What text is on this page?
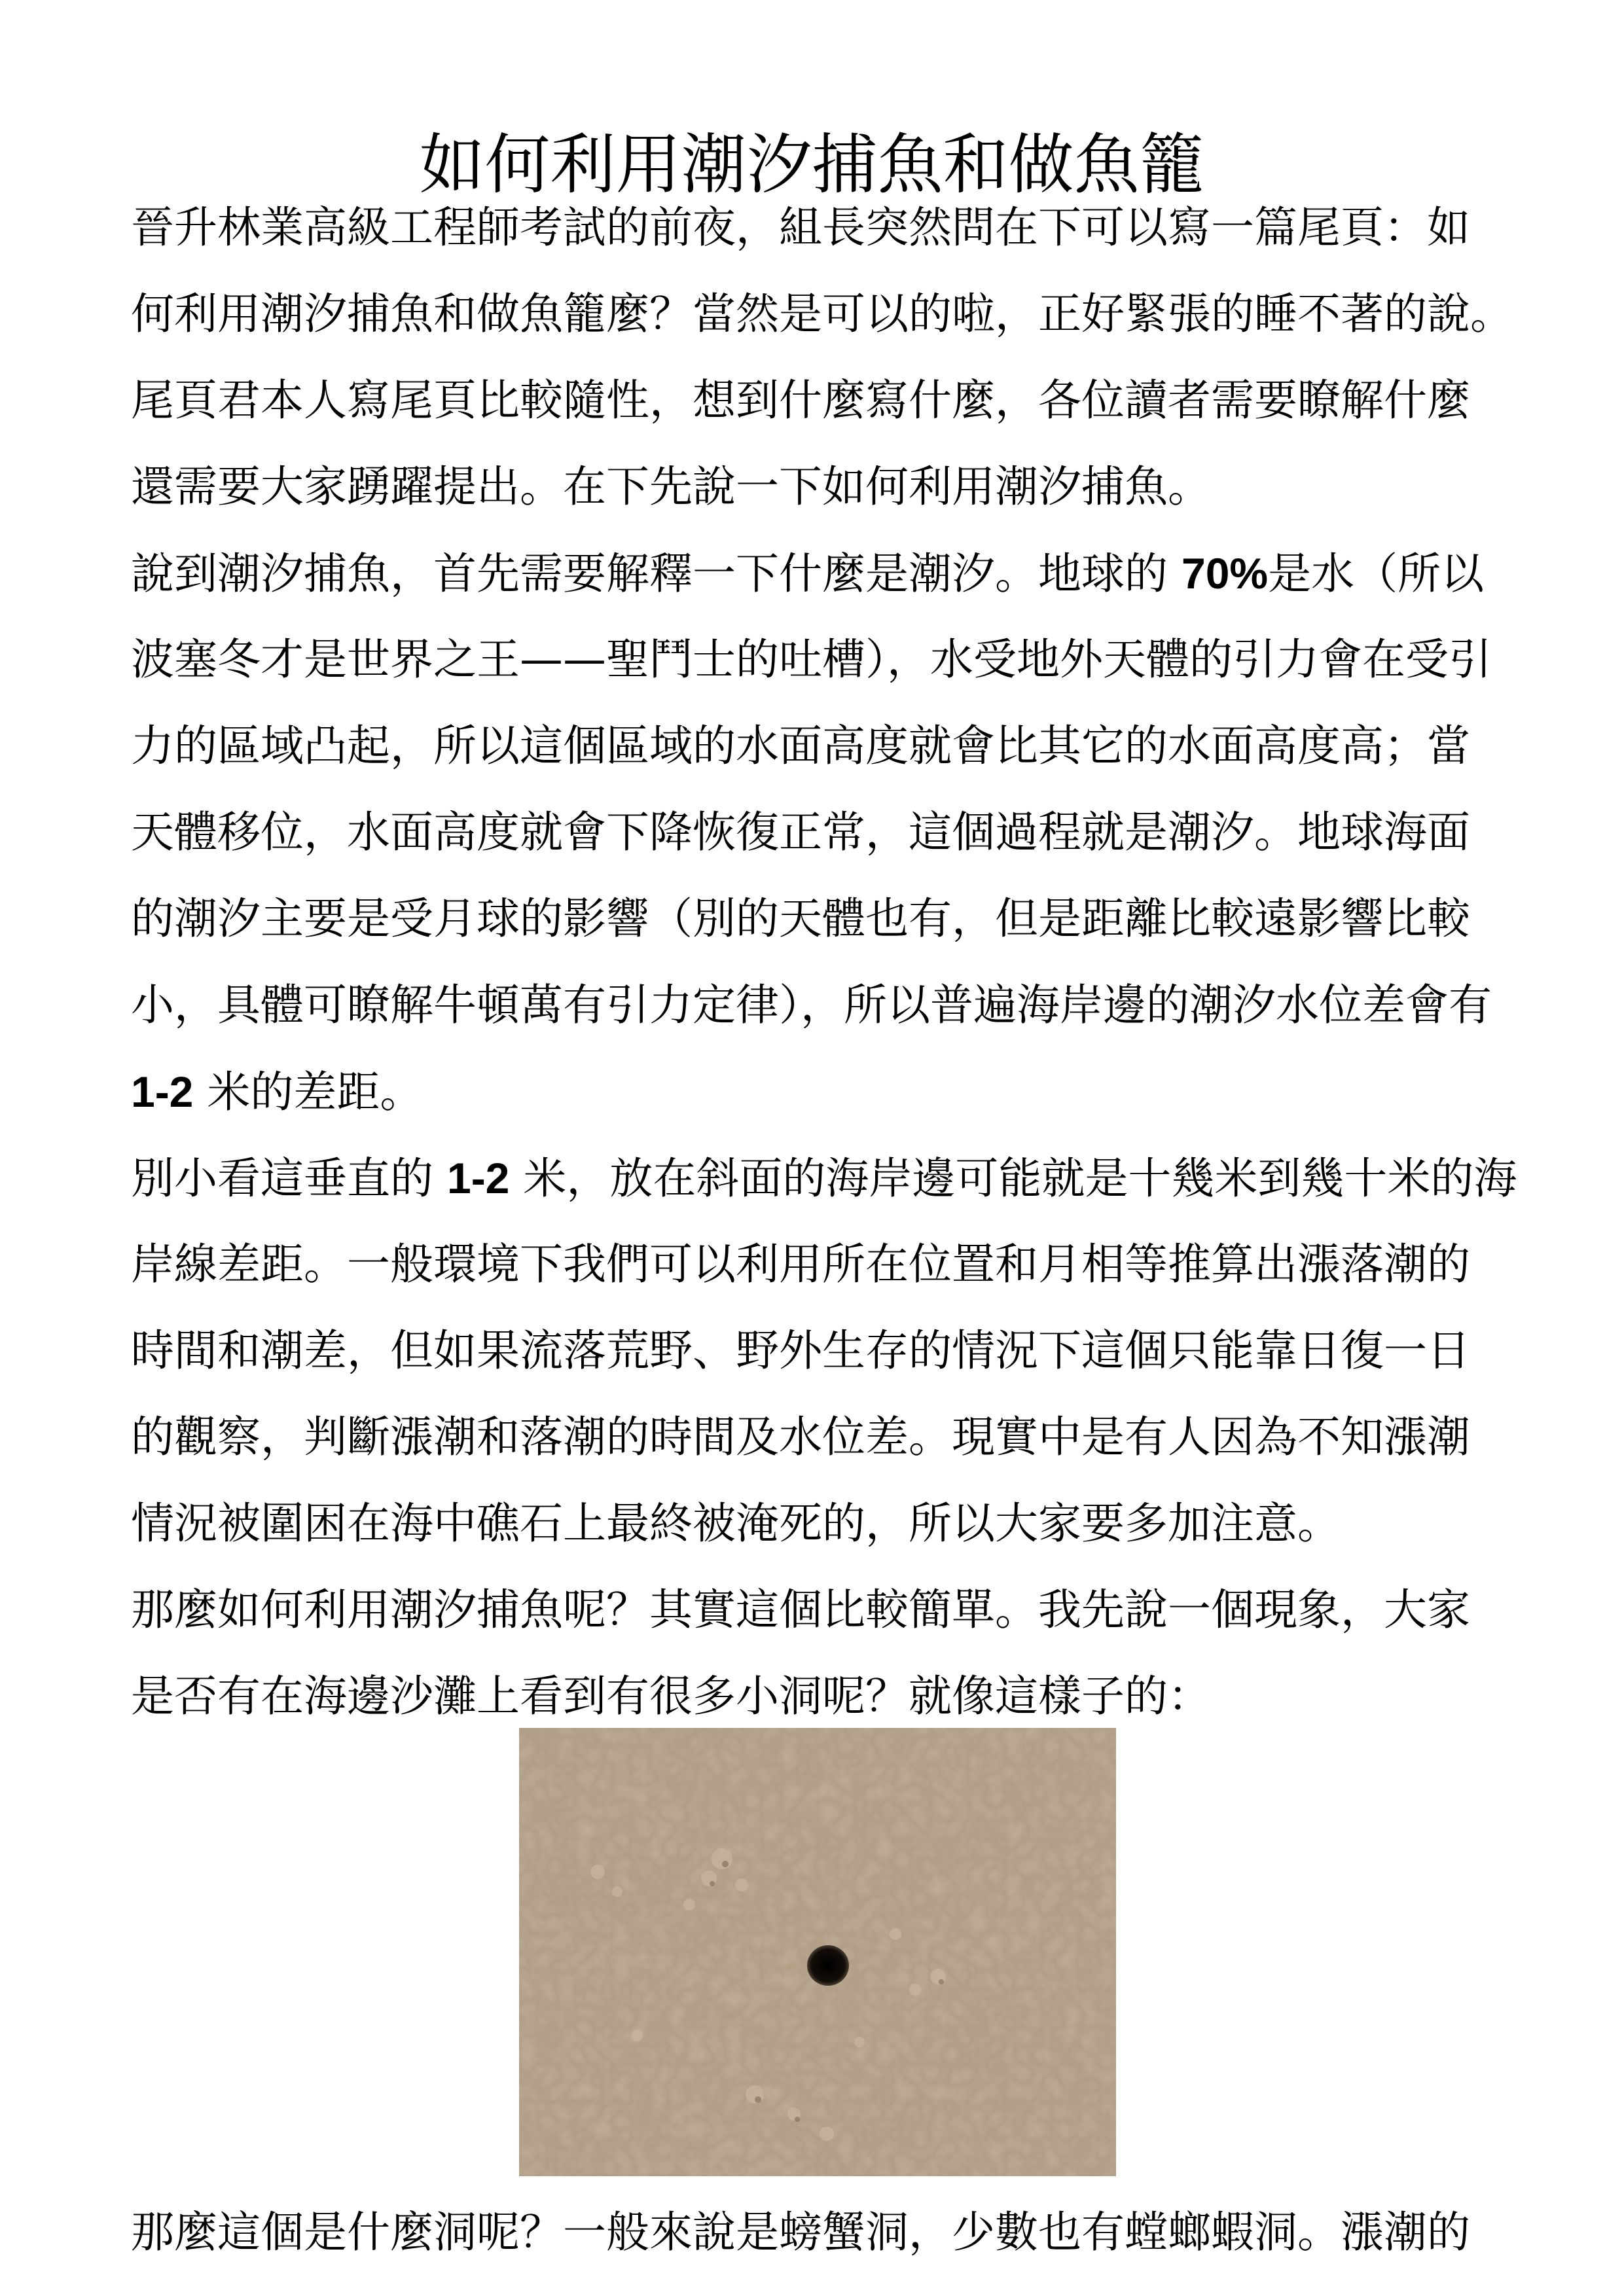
如何利用潮汐捕魚和做魚籠
晉升林業高級工程師考試的前夜，組長突然問在下可以寫一篇尾頁：如
何利用潮汐捕魚和做魚籠麼？當然是可以的啦，正好緊張的睡不著的說。
尾頁君本人寫尾頁比較隨性，想到什麼寫什麼，各位讀者需要瞭解什麼
還需要大家踴躍提出。在下先說一下如何利用潮汐捕魚。
說到潮汐捕魚，首先需要解釋一下什麼是潮汐。地球的 70%是水（所以
波塞冬才是世界之王——聖鬥士的吐槽），水受地外天體的引力會在受引
力的區域凸起，所以這個區域的水面高度就會比其它的水面高度高；當
天體移位，水面高度就會下降恢復正常，這個過程就是潮汐。地球海面
的潮汐主要是受月球的影響（別的天體也有，但是距離比較遠影響比較
小，具體可瞭解牛頓萬有引力定律），所以普遍海岸邊的潮汐水位差會有
1-2 米的差距。
別小看這垂直的 1-2 米，放在斜面的海岸邊可能就是十幾米到幾十米的海
岸線差距。一般環境下我們可以利用所在位置和月相等推算出漲落潮的
時間和潮差，但如果流落荒野、野外生存的情況下這個只能靠日復一日
的觀察，判斷漲潮和落潮的時間及水位差。現實中是有人因為不知漲潮
情況被圍困在海中礁石上最終被淹死的，所以大家要多加注意。
那麼如何利用潮汐捕魚呢？其實這個比較簡單。我先說一個現象，大家
是否有在海邊沙灘上看到有很多小洞呢？就像這樣子的：
那麼這個是什麼洞呢？一般來說是螃蟹洞，少數也有螳螂蝦洞。漲潮的
